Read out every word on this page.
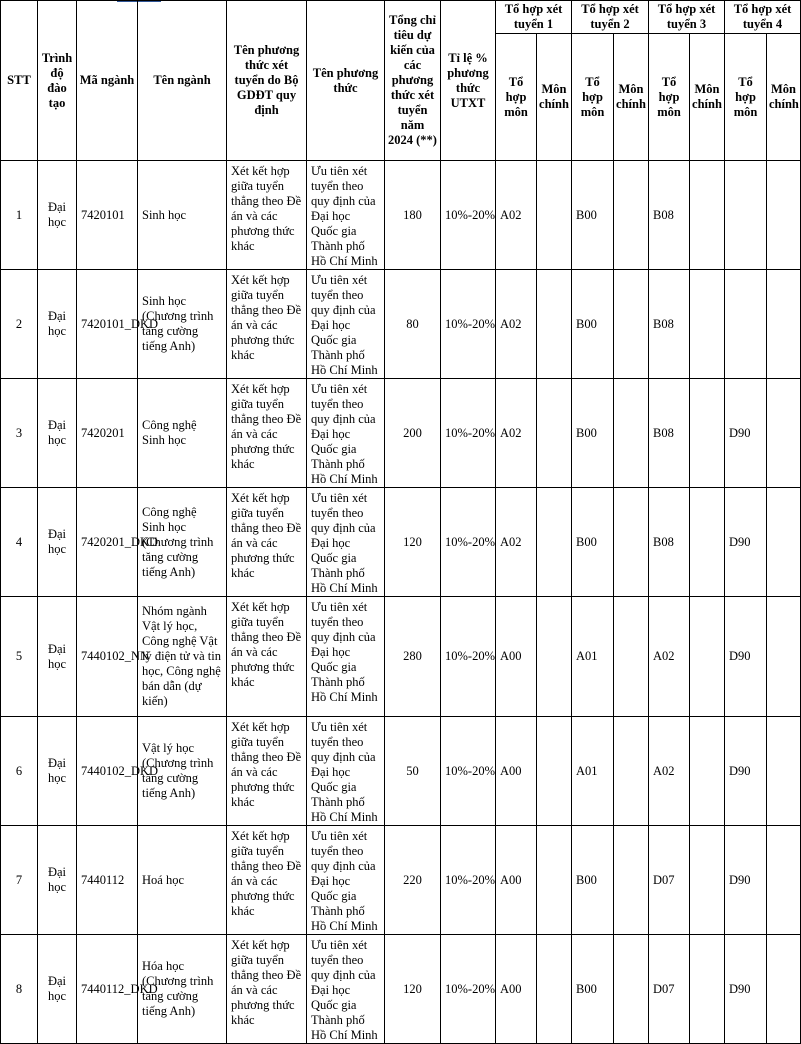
STT	Trình độ đào tạo	Mã ngành	Tên ngành	Tên phương thức xét tuyển do Bộ GDĐT quy định	Tên phương thức	Tổng chỉ tiêu dự kiến của các phương thức xét tuyển năm 2024 (**)	Tỉ lệ % phương thức UTXT	Tổ hợp xét tuyển 1		Tổ hợp xét tuyển 2		Tổ hợp xét tuyển 3		Tổ hợp xét tuyển 4	
								Tổ hợp môn	Môn chính	Tổ hợp môn	Môn chính	Tổ hợp môn	Môn chính	Tổ hợp môn	Môn chính
1	Đại học	7420101	Sinh học	Xét kết hợp giữa tuyển thẳng theo Đề án và các phương thức khác	Ưu tiên xét tuyển theo quy định của Đại học Quốc gia Thành phố Hồ Chí Minh	180	10%-20%	A02		B00		B08			
2	Đại học	7420101_DKD	Sinh học (Chương trình tăng cường tiếng Anh)	Xét kết hợp giữa tuyển thẳng theo Đề án và các phương thức khác	Ưu tiên xét tuyển theo quy định của Đại học Quốc gia Thành phố Hồ Chí Minh	80	10%-20%	A02		B00		B08			
3	Đại học	7420201	Công nghệ Sinh học	Xét kết hợp giữa tuyển thẳng theo Đề án và các phương thức khác	Ưu tiên xét tuyển theo quy định của Đại học Quốc gia Thành phố Hồ Chí Minh	200	10%-20%	A02		B00		B08		D90	
4	Đại học	7420201_DKD	Công nghệ Sinh học (Chương trình tăng cường tiếng Anh)	Xét kết hợp giữa tuyển thẳng theo Đề án và các phương thức khác	Ưu tiên xét tuyển theo quy định của Đại học Quốc gia Thành phố Hồ Chí Minh	120	10%-20%	A02		B00		B08		D90	
5	Đại học	7440102_NN	Nhóm ngành Vật lý học, Công nghệ Vật lý điện tử và tin học, Công nghệ bán dẫn (dự kiến)	Xét kết hợp giữa tuyển thẳng theo Đề án và các phương thức khác	Ưu tiên xét tuyển theo quy định của Đại học Quốc gia Thành phố Hồ Chí Minh	280	10%-20%	A00		A01		A02		D90	
6	Đại học	7440102_DKD	Vật lý học (Chương trình tăng cường tiếng Anh)	Xét kết hợp giữa tuyển thẳng theo Đề án và các phương thức khác	Ưu tiên xét tuyển theo quy định của Đại học Quốc gia Thành phố Hồ Chí Minh	50	10%-20%	A00		A01		A02		D90	
7	Đại học	7440112	Hoá học	Xét kết hợp giữa tuyển thẳng theo Đề án và các phương thức khác	Ưu tiên xét tuyển theo quy định của Đại học Quốc gia Thành phố Hồ Chí Minh	220	10%-20%	A00		B00		D07		D90	
8	Đại học	7440112_DKD	Hóa học (Chương trình tăng cường tiếng Anh)	Xét kết hợp giữa tuyển thẳng theo Đề án và các phương thức khác	Ưu tiên xét tuyển theo quy định của Đại học Quốc gia Thành phố Hồ Chí Minh	120	10%-20%	A00		B00		D07		D90	
